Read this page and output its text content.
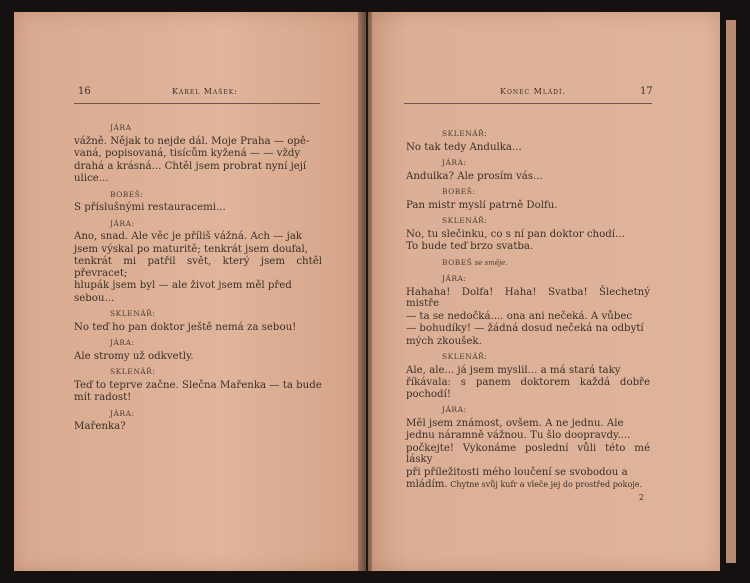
16	Karel Mašek:	Konec Mládí.	17
JÁRA
vážně. Nějak to nejde dál. Moje Praha — opě-
vaná, popisovaná, tisícům kyžená — — vždy
drahá a krásná... Chtěl jsem probrat nyní její
ulice...
BOBEŠ:
S příslušnými restauracemi...
JÁRA:
Ano, snad. Ale věc je příliš vážná. Ach — jak
jsem výskal po maturitě; tenkrát jsem doufal,
tenkrát mi patřil svět, který jsem chtěl převracet;
hlupák jsem byl — ale život jsem měl před
sebou...
SKLENÁŘ:
No teď ho pan doktor ještě nemá za sebou!
JÁRA:
Ale stromy už odkvetly.
SKLENÁŘ:
Teď to teprve začne. Slečna Mařenka — ta bude
mít radost!
JÁRA:
Mařenka?
SKLENÁŘ:
No tak tedy Andulka...
JÁRA:
Andulka? Ale prosím vás...
BOBEŠ:
Pan mistr myslí patrně Dolfu.
SKLENÁŘ:
No, tu slečinku, co s ní pan doktor chodí...
To bude teď brzo svatba.
BOBEŠ se směje.
JÁRA:
Hahaha! Dolfa! Haha! Svatba! Šlechetný mistře
— ta se nedočká.... ona ani nečeká. A vůbec
— bohudíky! — žádná dosud nečeká na odbytí
mých zkoušek.
SKLENÁŘ:
Ale, ale... já jsem myslil... a má stará taky
říkávala: s panem doktorem každá dobře pochodí!
JÁRA:
Měl jsem známost, ovšem. A ne jednu. Ale
jednu náramně vážnou. Tu šlo doopravdy....
počkejte! Vykonáme poslední vůli této mé lásky
při příležitosti mého loučení se svobodou a
mládím. Chytne svůj kufr a vleče jej do prostřed pokoje.
2
